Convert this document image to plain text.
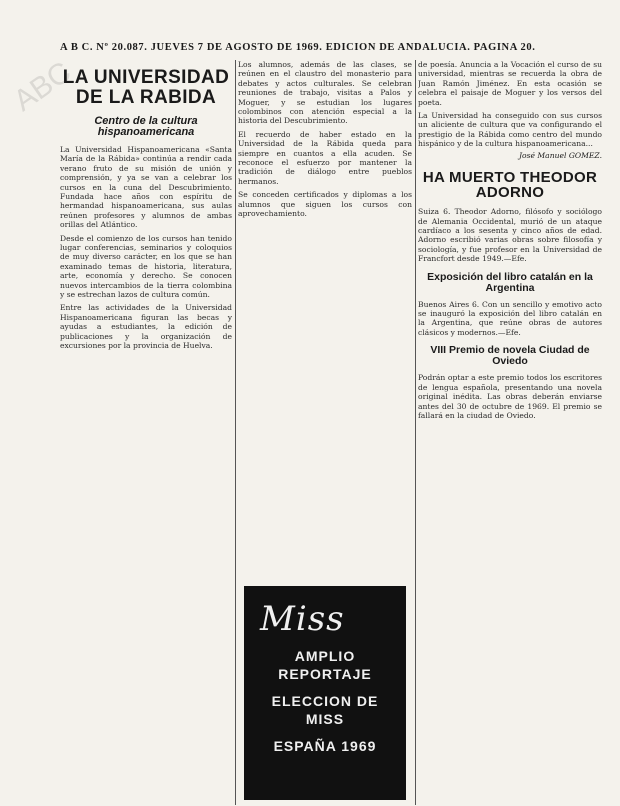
A B C. Nº 20.087. JUEVES 7 DE AGOSTO DE 1969. EDICION DE ANDALUCIA. PAGINA 20.
ABC
LA UNIVERSIDAD DE LA RABIDA
Centro de la cultura hispanoamericana

La Universidad Hispanoamericana «Santa María de la Rábida» continúa a rendir cada verano fruto de su misión de unión y comprensión, y ya se van a celebrar los cursos en la cuna del Descubrimiento. Fundada hace años con espíritu de hermandad hispanoamericana, sus aulas reúnen profesores y alumnos de ambas orillas del Atlántico.

Desde el comienzo de los cursos han tenido lugar conferencias, seminarios y coloquios de muy diverso carácter, en los que se han examinado temas de historia, literatura, arte, economía y derecho. Se conocen nuevos intercambios de la tierra colombina y se estrechan lazos de cultura común.

Entre las actividades de la Universidad Hispanoamericana figuran las becas y ayudas a estudiantes, la edición de publicaciones y la organización de excursiones por la provincia de Huelva.

Los alumnos, además de las clases, se reúnen en el claustro del monasterio para debates y actos culturales. Se celebran reuniones de trabajo, visitas a Palos y Moguer, y se estudian los lugares colombinos con atención especial a la historia del Descubrimiento.

El recuerdo de haber estado en la Universidad de la Rábida queda para siempre en cuantos a ella acuden. Se reconoce el esfuerzo por mantener la tradición de diálogo entre pueblos hermanos.

Se conceden certificados y diplomas a los alumnos que siguen los cursos con aprovechamiento.

Miss
AMPLIO REPORTAJE
ELECCION DE MISS
ESPAÑA 1969

de poesía. Anuncia a la Vocación el curso de su universidad, mientras se recuerda la obra de Juan Ramón Jiménez. En esta ocasión se celebra el paisaje de Moguer y los versos del poeta.

La Universidad ha conseguido con sus cursos un aliciente de cultura que va configurando el prestigio de la Rábida como centro del mundo hispánico y de la cultura hispanoamericana...

José Manuel GOMEZ.

HA MUERTO THEODOR ADORNO

Suiza 6. Theodor Adorno, filósofo y sociólogo de Alemania Occidental, murió de un ataque cardíaco a los sesenta y cinco años de edad. Adorno escribió varias obras sobre filosofía y sociología, y fue profesor en la Universidad de Francfort desde 1949.—Efe.

Exposición del libro catalán en la Argentina

Buenos Aires 6. Con un sencillo y emotivo acto se inauguró la exposición del libro catalán en la Argentina, que reúne obras de autores clásicos y modernos.—Efe.

VIII Premio de novela Ciudad de Oviedo

Podrán optar a este premio todos los escritores de lengua española, presentando una novela original inédita. Las obras deberán enviarse antes del 30 de octubre de 1969. El premio se fallará en la ciudad de Oviedo.
